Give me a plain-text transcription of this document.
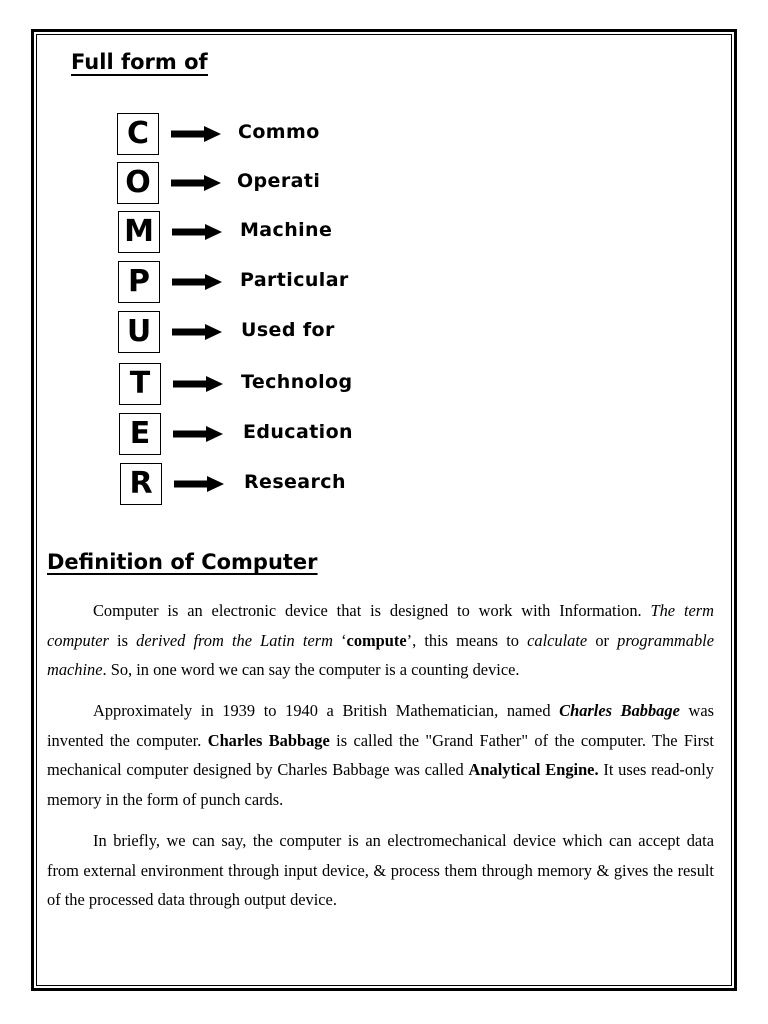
Full form of
C	Commo
O	Operati
M	Machine
P	Particular
U	Used for
T	Technolog
E	Education
R	Research
Definition of Computer

Computer is an electronic device that is designed to work with Information. The term computer is derived from the Latin term ‘compute’, this means to calculate or programmable machine. So, in one word we can say the computer is a counting device.

Approximately in 1939 to 1940 a British Mathematician, named Charles Babbage was invented the computer. Charles Babbage is called the "Grand Father" of the computer. The First mechanical computer designed by Charles Babbage was called Analytical Engine. It uses read-only memory in the form of punch cards.

In briefly, we can say, the computer is an electromechanical device which can accept data from external environment through input device, & process them through memory & gives the result of the processed data through output device.
